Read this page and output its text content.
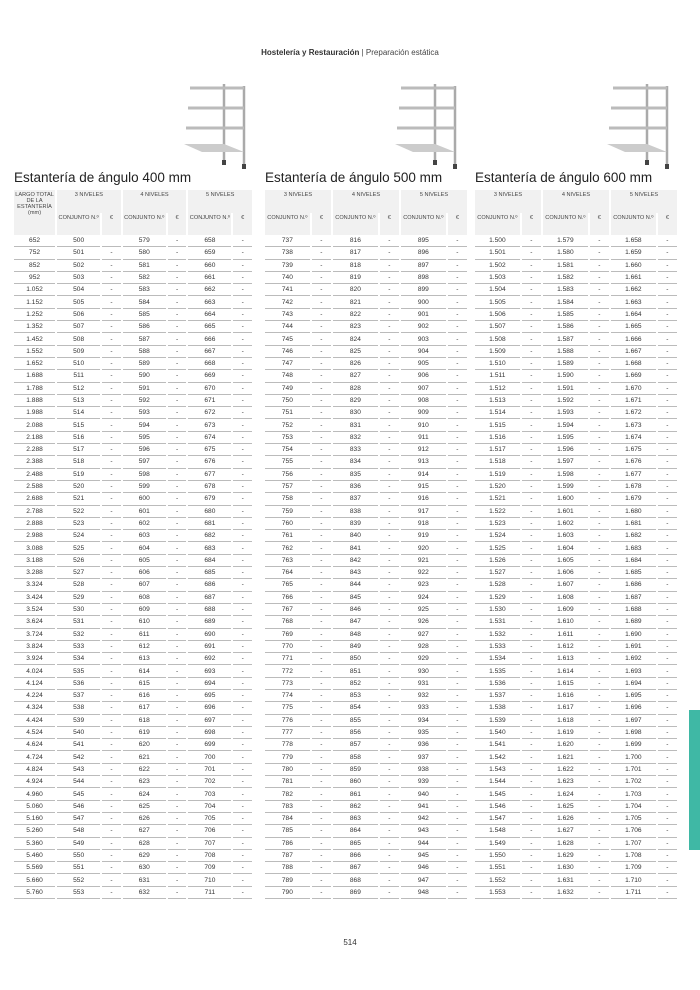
Hostelería y Restauración | Preparación estática
514
Estantería de ángulo 400 mm
LARGO TOTAL DE LA ESTANTERÍA (mm)	3 NIVELES		4 NIVELES		5 NIVELES	
	CONJUNTO N.º	€	CONJUNTO N.º	€	CONJUNTO N.º	€
652	500		579	-	658	-
752	501	-	580	-	659	-
852	502	-	581	-	660	-
952	503	-	582	-	661	-
1.052	504	-	583	-	662	-
1.152	505	-	584	-	663	-
1.252	506	-	585	-	664	-
1.352	507	-	586	-	665	-
1.452	508	-	587	-	666	-
1.552	509	-	588	-	667	-
1.652	510	-	589	-	668	-
1.688	511	-	590	-	669	-
1.788	512	-	591	-	670	-
1.888	513	-	592	-	671	-
1.988	514	-	593	-	672	-
2.088	515	-	594	-	673	-
2.188	516	-	595	-	674	-
2.288	517	-	596	-	675	-
2.388	518	-	597	-	676	-
2.488	519	-	598	-	677	-
2.588	520	-	599	-	678	-
2.688	521	-	600	-	679	-
2.788	522	-	601	-	680	-
2.888	523	-	602	-	681	-
2.988	524	-	603	-	682	-
3.088	525	-	604	-	683	-
3.188	526	-	605	-	684	-
3.288	527	-	606	-	685	-
3.324	528	-	607	-	686	-
3.424	529	-	608	-	687	-
3.524	530	-	609	-	688	-
3.624	531	-	610	-	689	-
3.724	532	-	611	-	690	-
3.824	533	-	612	-	691	-
3.924	534	-	613	-	692	-
4.024	535	-	614	-	693	-
4.124	536	-	615	-	694	-
4.224	537	-	616	-	695	-
4.324	538	-	617	-	696	-
4.424	539	-	618	-	697	-
4.524	540	-	619	-	698	-
4.624	541	-	620	-	699	-
4.724	542	-	621	-	700	-
4.824	543	-	622	-	701	-
4.924	544	-	623	-	702	-
4.960	545	-	624	-	703	-
5.060	546	-	625	-	704	-
5.160	547	-	626	-	705	-
5.260	548	-	627	-	706	-
5.360	549	-	628	-	707	-
5.460	550	-	629	-	708	-
5.569	551	-	630	-	709	-
5.660	552	-	631	-	710	-
5.760	553	-	632	-	711	-
Estantería de ángulo 500 mm
3 NIVELES		4 NIVELES		5 NIVELES	
CONJUNTO N.º	€	CONJUNTO N.º	€	CONJUNTO N.º	€
737	-	816	-	895	-
738	-	817	-	896	-
739	-	818	-	897	-
740	-	819	-	898	-
741	-	820	-	899	-
742	-	821	-	900	-
743	-	822	-	901	-
744	-	823	-	902	-
745	-	824	-	903	-
746	-	825	-	904	-
747	-	826	-	905	-
748	-	827	-	906	-
749	-	828	-	907	-
750	-	829	-	908	-
751	-	830	-	909	-
752	-	831	-	910	-
753	-	832	-	911	-
754	-	833	-	912	-
755	-	834	-	913	-
756	-	835	-	914	-
757	-	836	-	915	-
758	-	837	-	916	-
759	-	838	-	917	-
760	-	839	-	918	-
761	-	840	-	919	-
762	-	841	-	920	-
763	-	842	-	921	-
764	-	843	-	922	-
765	-	844	-	923	-
766	-	845	-	924	-
767	-	846	-	925	-
768	-	847	-	926	-
769	-	848	-	927	-
770	-	849	-	928	-
771	-	850	-	929	-
772	-	851	-	930	-
773	-	852	-	931	-
774	-	853	-	932	-
775	-	854	-	933	-
776	-	855	-	934	-
777	-	856	-	935	-
778	-	857	-	936	-
779	-	858	-	937	-
780	-	859	-	938	-
781	-	860	-	939	-
782	-	861	-	940	-
783	-	862	-	941	-
784	-	863	-	942	-
785	-	864	-	943	-
786	-	865	-	944	-
787	-	866	-	945	-
788	-	867	-	946	-
789	-	868	-	947	-
790	-	869	-	948	-
Estantería de ángulo 600 mm
3 NIVELES		4 NIVELES		5 NIVELES	
CONJUNTO N.º	€	CONJUNTO N.º	€	CONJUNTO N.º	€
1.500	-	1.579	-	1.658	-
1.501	-	1.580	-	1.659	-
1.502	-	1.581	-	1.660	-
1.503	-	1.582	-	1.661	-
1.504	-	1.583	-	1.662	-
1.505	-	1.584	-	1.663	-
1.506	-	1.585	-	1.664	-
1.507	-	1.586	-	1.665	-
1.508	-	1.587	-	1.666	-
1.509	-	1.588	-	1.667	-
1.510	-	1.589	-	1.668	-
1.511	-	1.590	-	1.669	-
1.512	-	1.591	-	1.670	-
1.513	-	1.592	-	1.671	-
1.514	-	1.593	-	1.672	-
1.515	-	1.594	-	1.673	-
1.516	-	1.595	-	1.674	-
1.517	-	1.596	-	1.675	-
1.518	-	1.597	-	1.676	-
1.519	-	1.598	-	1.677	-
1.520	-	1.599	-	1.678	-
1.521	-	1.600	-	1.679	-
1.522	-	1.601	-	1.680	-
1.523	-	1.602	-	1.681	-
1.524	-	1.603	-	1.682	-
1.525	-	1.604	-	1.683	-
1.526	-	1.605	-	1.684	-
1.527	-	1.606	-	1.685	-
1.528	-	1.607	-	1.686	-
1.529	-	1.608	-	1.687	-
1.530	-	1.609	-	1.688	-
1.531	-	1.610	-	1.689	-
1.532	-	1.611	-	1.690	-
1.533	-	1.612	-	1.691	-
1.534	-	1.613	-	1.692	-
1.535	-	1.614	-	1.693	-
1.536	-	1.615	-	1.694	-
1.537	-	1.616	-	1.695	-
1.538	-	1.617	-	1.696	-
1.539	-	1.618	-	1.697	-
1.540	-	1.619	-	1.698	-
1.541	-	1.620	-	1.699	-
1.542	-	1.621	-	1.700	-
1.543	-	1.622	-	1.701	-
1.544	-	1.623	-	1.702	-
1.545	-	1.624	-	1.703	-
1.546	-	1.625	-	1.704	-
1.547	-	1.626	-	1.705	-
1.548	-	1.627	-	1.706	-
1.549	-	1.628	-	1.707	-
1.550	-	1.629	-	1.708	-
1.551	-	1.630	-	1.709	-
1.552	-	1.631	-	1.710	-
1.553	-	1.632	-	1.711	-
